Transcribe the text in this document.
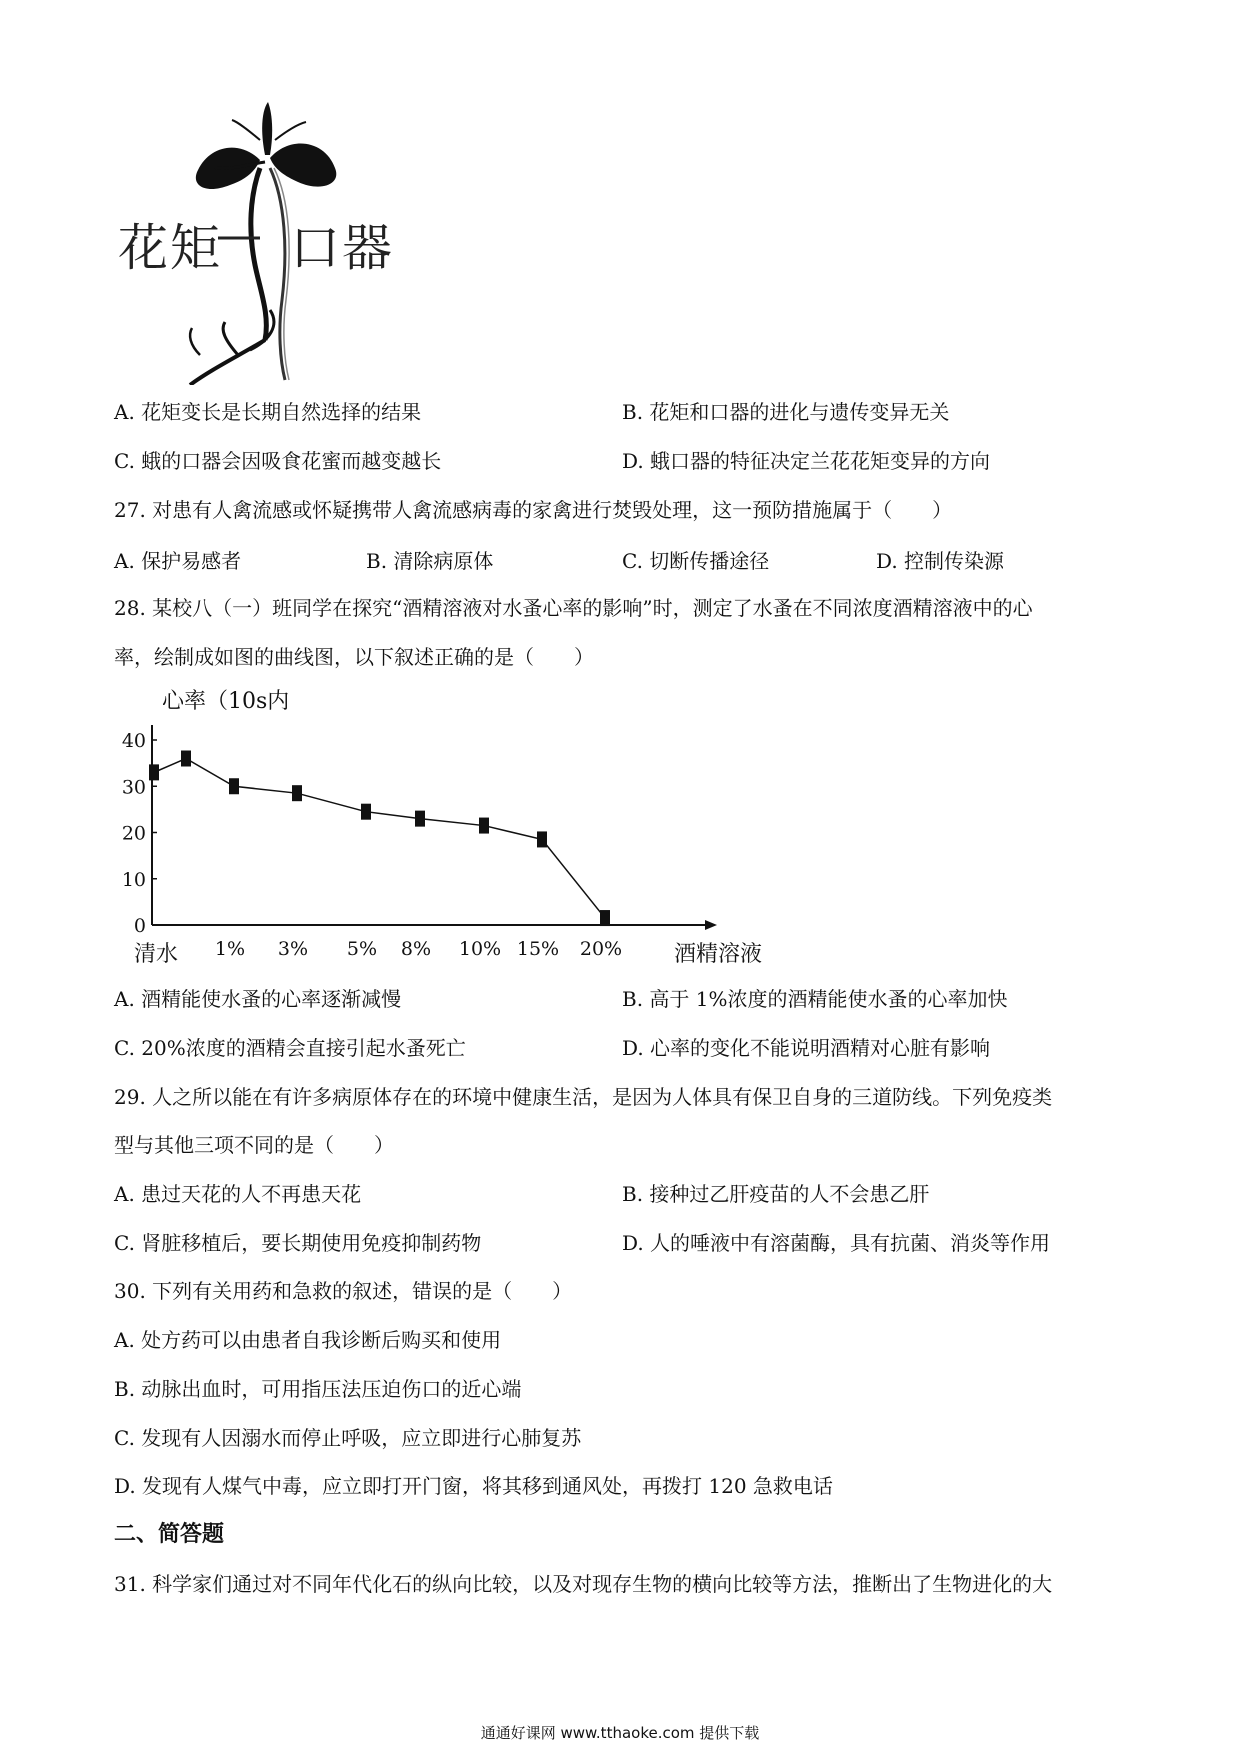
花矩 口器
A. 花矩变长是长期自然选择的结果	B. 花矩和口器的进化与遗传变异无关
C. 蛾的口器会因吸食花蜜而越变越长	D. 蛾口器的特征决定兰花花矩变异的方向
27. 对患有人禽流感或怀疑携带人禽流感病毒的家禽进行焚毁处理，这一预防措施属于（　　）
A. 保护易感者	B. 清除病原体	C. 切断传播途径	D. 控制传染源
28. 某校八（一）班同学在探究“酒精溶液对水蚤心率的影响”时，测定了水蚤在不同浓度酒精溶液中的心
率，绘制成如图的曲线图，以下叙述正确的是（　　）
心率（10s内
酒精溶液
清水
0
10
20
30
40
1% 3% 5% 8% 10% 15% 20%
A. 酒精能使水蚤的心率逐渐减慢	B. 高于 1%浓度的酒精能使水蚤的心率加快
C. 20%浓度的酒精会直接引起水蚤死亡	D. 心率的变化不能说明酒精对心脏有影响
29. 人之所以能在有许多病原体存在的环境中健康生活，是因为人体具有保卫自身的三道防线。下列免疫类
型与其他三项不同的是（　　）
A. 患过天花的人不再患天花	B. 接种过乙肝疫苗的人不会患乙肝
C. 肾脏移植后，要长期使用免疫抑制药物	D. 人的唾液中有溶菌酶，具有抗菌、消炎等作用
30. 下列有关用药和急救的叙述，错误的是（　　）
A. 处方药可以由患者自我诊断后购买和使用
B. 动脉出血时，可用指压法压迫伤口的近心端
C. 发现有人因溺水而停止呼吸，应立即进行心肺复苏
D. 发现有人煤气中毒，应立即打开门窗，将其移到通风处，再拨打 120 急救电话
二、简答题
31. 科学家们通过对不同年代化石的纵向比较，以及对现存生物的横向比较等方法，推断出了生物进化的大
通通好课网 www.tthaoke.com 提供下载
